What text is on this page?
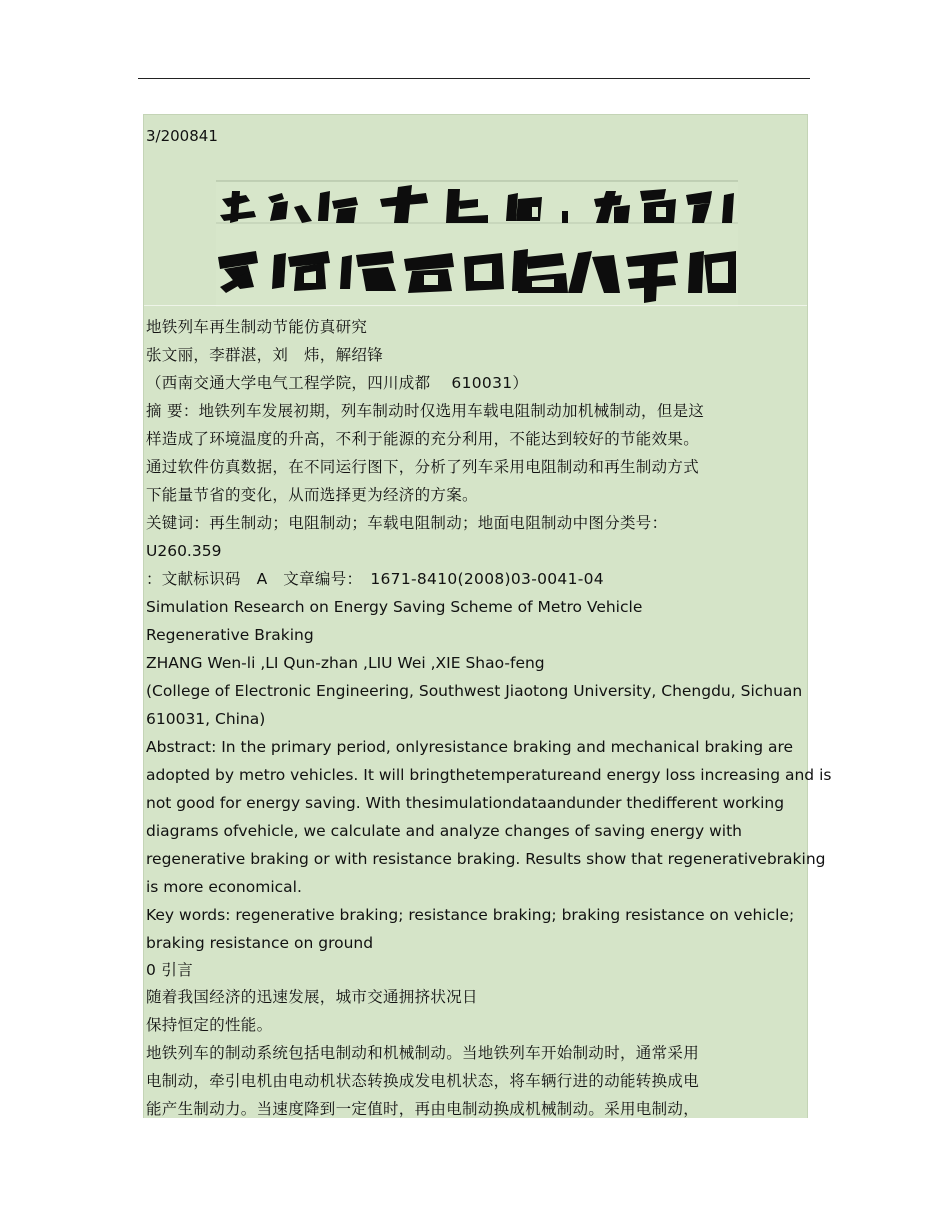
3/200841
地铁列车再生制动节能仿真研究
张文丽，李群湛，刘　炜，解绍锋
（西南交通大学电气工程学院，四川成都　 610031）
摘 要：地铁列车发展初期，列车制动时仅选用车载电阻制动加机械制动，但是这
样造成了环境温度的升高，不利于能源的充分利用，不能达到较好的节能效果。
通过软件仿真数据，在不同运行图下，分析了列车采用电阻制动和再生制动方式
下能量节省的变化，从而选择更为经济的方案。
关键词：再生制动；电阻制动；车载电阻制动；地面电阻制动中图分类号：
U260.359
：文献标识码　A　文章编号：　1671-8410(2008)03-0041-04
Simulation Research on Energy Saving Scheme of Metro Vehicle
Regenerative Braking
ZHANG Wen-li ,LI Qun-zhan ,LIU Wei ,XIE Shao-feng
(College of Electronic Engineering, Southwest Jiaotong University, Chengdu, Sichuan
610031, China)
Abstract: In the primary period, onlyresistance braking and mechanical braking are
adopted by metro vehicles. It will bringthetemperatureand energy loss increasing and is
not good for energy saving. With thesimulationdataandunder thedifferent working
diagrams ofvehicle, we calculate and analyze changes of saving energy with
regenerative braking or with resistance braking. Results show that regenerativebraking
is more economical.
Key words: regenerative braking; resistance braking; braking resistance on vehicle;
braking resistance on ground
0 引言
随着我国经济的迅速发展，城市交通拥挤状况日
保持恒定的性能。
地铁列车的制动系统包括电制动和机械制动。当地铁列车开始制动时，通常采用
电制动，牵引电机由电动机状态转换成发电机状态，将车辆行进的动能转换成电
能产生制动力。当速度降到一定值时，再由电制动换成机械制动。采用电制动，
